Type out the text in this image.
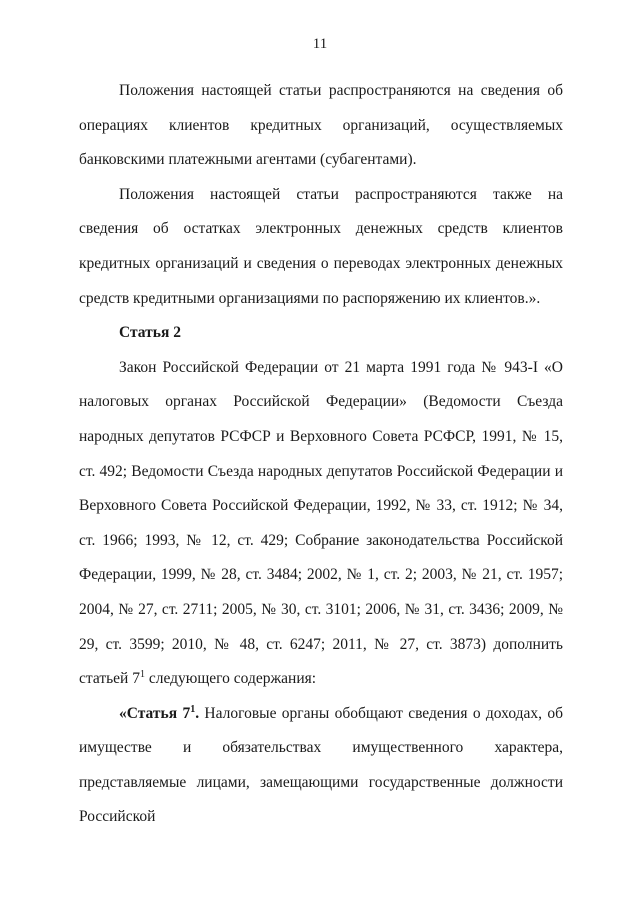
11

Положения настоящей статьи распространяются на сведения об операциях клиентов кредитных организаций, осуществляемых банковскими платежными агентами (субагентами).

Положения настоящей статьи распространяются также на сведения об остатках электронных денежных средств клиентов кредитных организаций и сведения о переводах электронных денежных средств кредитными организациями по распоряжению их клиентов.».

Статья 2

Закон Российской Федерации от 21 марта 1991 года № 943-I «О налоговых органах Российской Федерации» (Ведомости Съезда народных депутатов РСФСР и Верховного Совета РСФСР, 1991, № 15, ст. 492; Ведомости Съезда народных депутатов Российской Федерации и Верховного Совета Российской Федерации, 1992, № 33, ст. 1912; № 34, ст. 1966; 1993, № 12, ст. 429; Собрание законодательства Российской Федерации, 1999, № 28, ст. 3484; 2002, № 1, ст. 2; 2003, № 21, ст. 1957; 2004, № 27, ст. 2711; 2005, № 30, ст. 3101; 2006, № 31, ст. 3436; 2009, № 29, ст. 3599; 2010, № 48, ст. 6247; 2011, № 27, ст. 3873) дополнить статьей $7^1$ следующего содержания:

«Статья $7^1$. Налоговые органы обобщают сведения о доходах, об имуществе и обязательствах имущественного характера, представляемые лицами, замещающими государственные должности Российской
